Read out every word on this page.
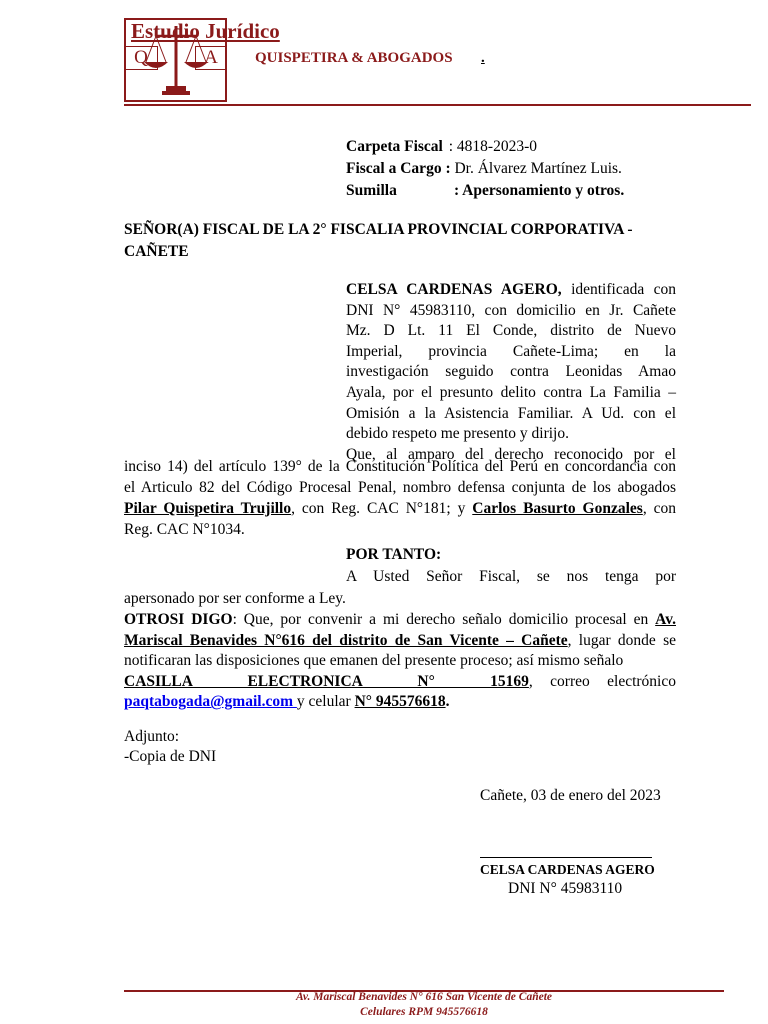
Q	A
Estudio Jurídico
QUISPETIRA & ABOGADOS .
Carpeta Fiscal : 4818-2023-0
Fiscal a Cargo : Dr. Álvarez Martínez Luis.
Sumilla	: Apersonamiento y otros.
SEÑOR(A) FISCAL DE LA 2° FISCALIA PROVINCIAL CORPORATIVA - CAÑETE
CELSA CARDENAS AGERO, identificada con
DNI N° 45983110, con domicilio en Jr. Cañete
Mz. D Lt. 11 El Conde, distrito de Nuevo
Imperial, provincia Cañete-Lima; en la
investigación seguido contra Leonidas Amao
Ayala, por el presunto delito contra La Familia –
Omisión a la Asistencia Familiar. A Ud. con el
debido respeto me presento y dirijo.
Que, al amparo del derecho reconocido por el
inciso 14) del artículo 139° de la Constitución Política del Perú en concordancia con
el Articulo 82 del Código Procesal Penal, nombro defensa conjunta de los abogados
Pilar Quispetira Trujillo, con Reg. CAC N°181; y Carlos Basurto Gonzales, con
Reg. CAC N°1034.
POR TANTO:
A Usted Señor Fiscal, se nos tenga por
apersonado por ser conforme a Ley.
OTROSI DIGO: Que, por convenir a mi derecho señalo domicilio procesal en Av. Mariscal Benavides N°616 del distrito de San Vicente – Cañete, lugar donde se notificaran las disposiciones que emanen del presente proceso; así mismo señalo
CASILLA ELECTRONICA N° 15169, correo electrónico
paqtabogada@gmail.com y celular N° 945576618.
Adjunto:
-Copia de DNI
Cañete, 03 de enero del 2023
CELSA CARDENAS AGERO
DNI N° 45983110
Av. Mariscal Benavides N° 616 San Vicente de Cañete
Celulares RPM 945576618
